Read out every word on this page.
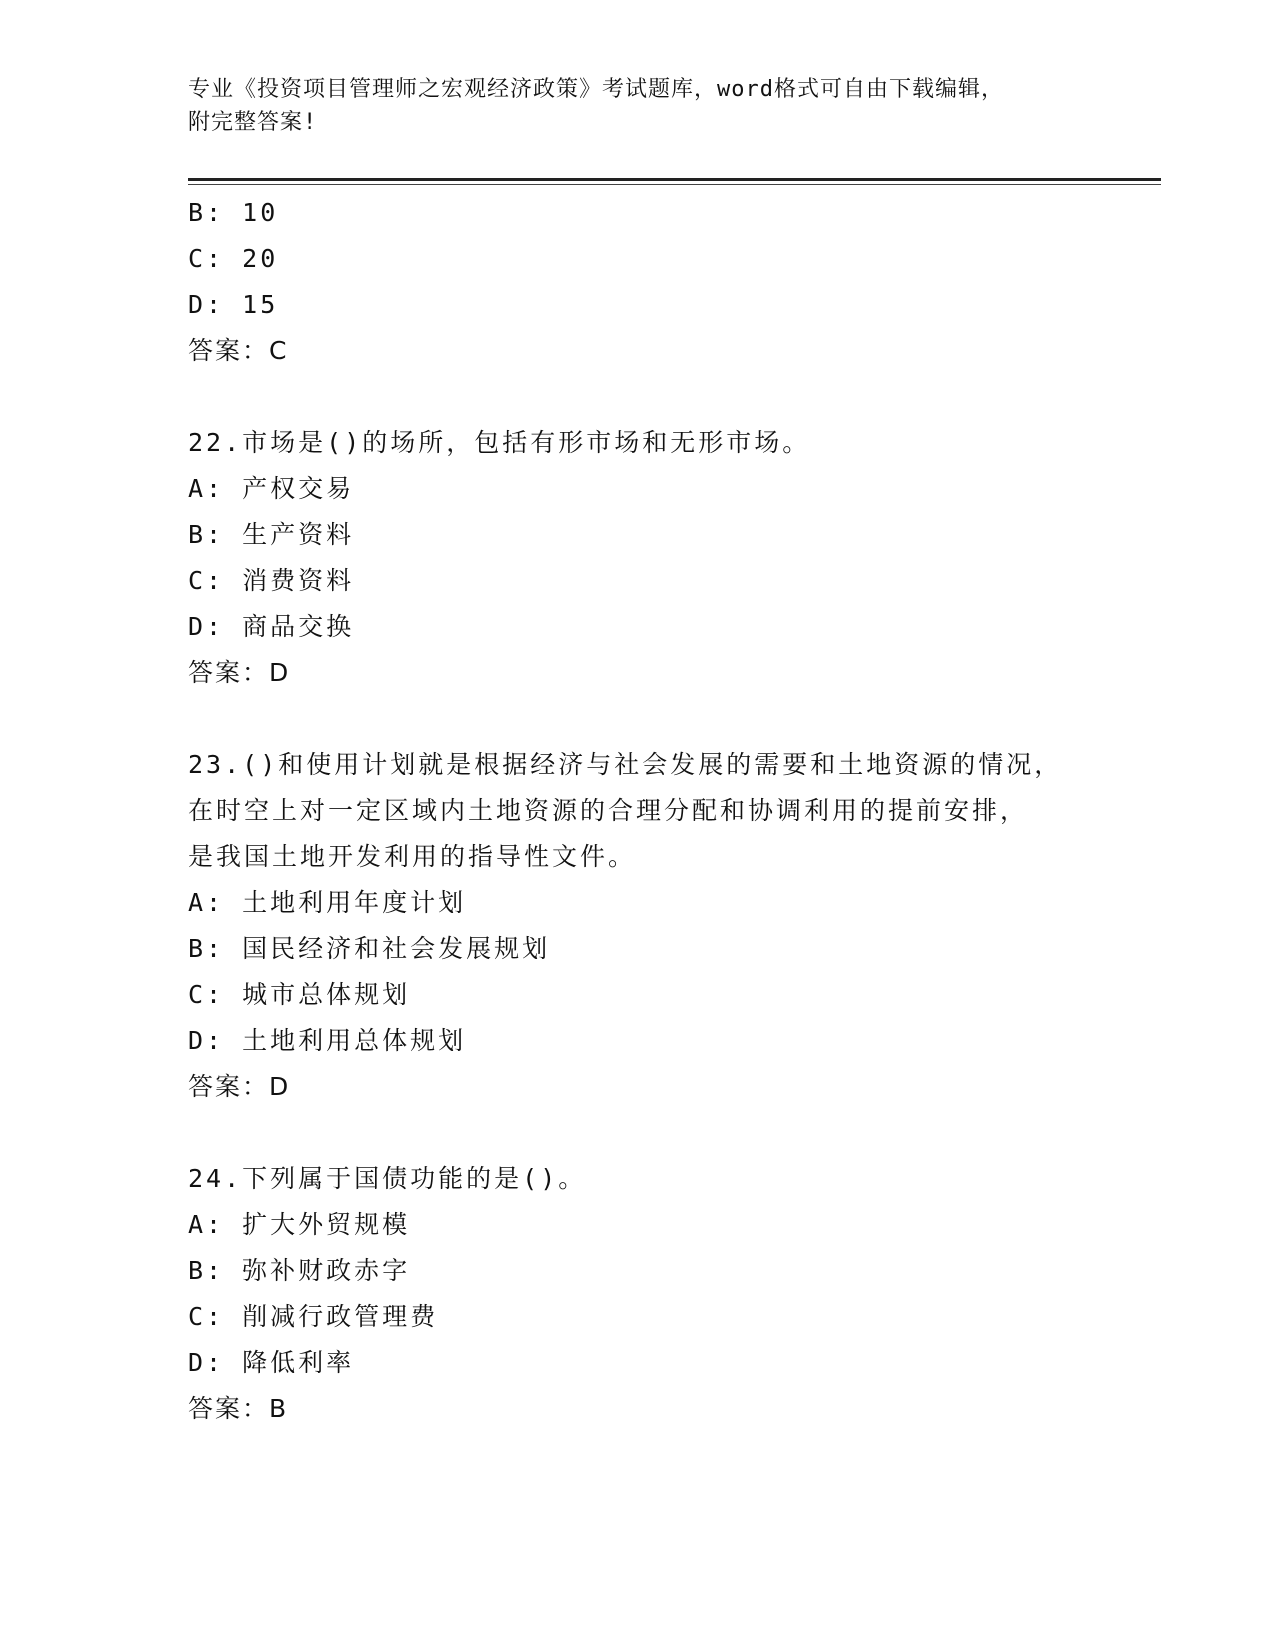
专业《投资项目管理师之宏观经济政策》考试题库，word格式可自由下载编辑，
附完整答案!
B: 10
C: 20
D: 15
答案：C
22.市场是()的场所，包括有形市场和无形市场。
A: 产权交易
B: 生产资料
C: 消费资料
D: 商品交换
答案：D
23.()和使用计划就是根据经济与社会发展的需要和土地资源的情况，
在时空上对一定区域内土地资源的合理分配和协调利用的提前安排，
是我国土地开发利用的指导性文件。
A: 土地利用年度计划
B: 国民经济和社会发展规划
C: 城市总体规划
D: 土地利用总体规划
答案：D
24.下列属于国债功能的是()。
A: 扩大外贸规模
B: 弥补财政赤字
C: 削减行政管理费
D: 降低利率
答案：B
